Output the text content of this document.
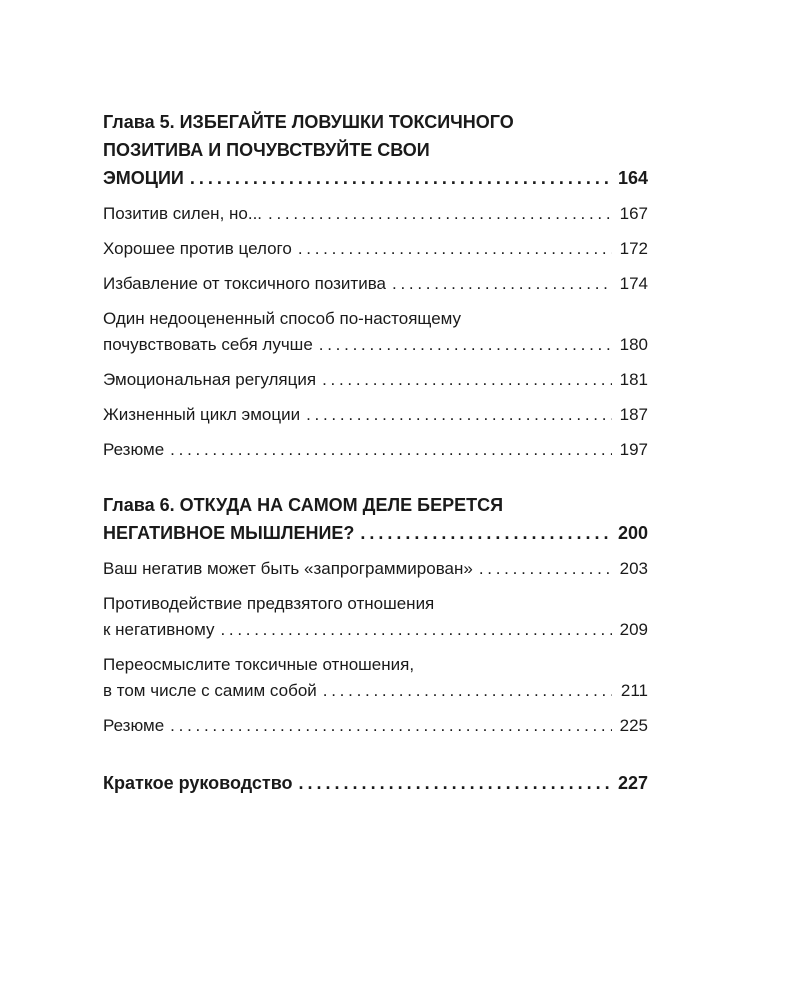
Глава 5. ИЗБЕГАЙТЕ ЛОВУШКИ ТОКСИЧНОГО
ПОЗИТИВА И ПОЧУВСТВУЙТЕ СВОИ
ЭМОЦИИ . . .	164
Позитив силен, но... . . .	167
Хорошее против целого . . .	172
Избавление от токсичного позитива . . .	174
Один недооцененный способ по-настоящему
почувствовать себя лучше . . .	180
Эмоциональная регуляция . . .	181
Жизненный цикл эмоции . . .	187
Резюме . . .	197
Глава 6. ОТКУДА НА САМОМ ДЕЛЕ БЕРЕТСЯ
НЕГАТИВНОЕ МЫШЛЕНИЕ? . . .	200
Ваш негатив может быть «запрограммирован» . . .	203
Противодействие предвзятого отношения
к негативному . . .	209
Переосмыслите токсичные отношения,
в том числе с самим собой . . .	211
Резюме . . .	225
Краткое руководство . . .	227
